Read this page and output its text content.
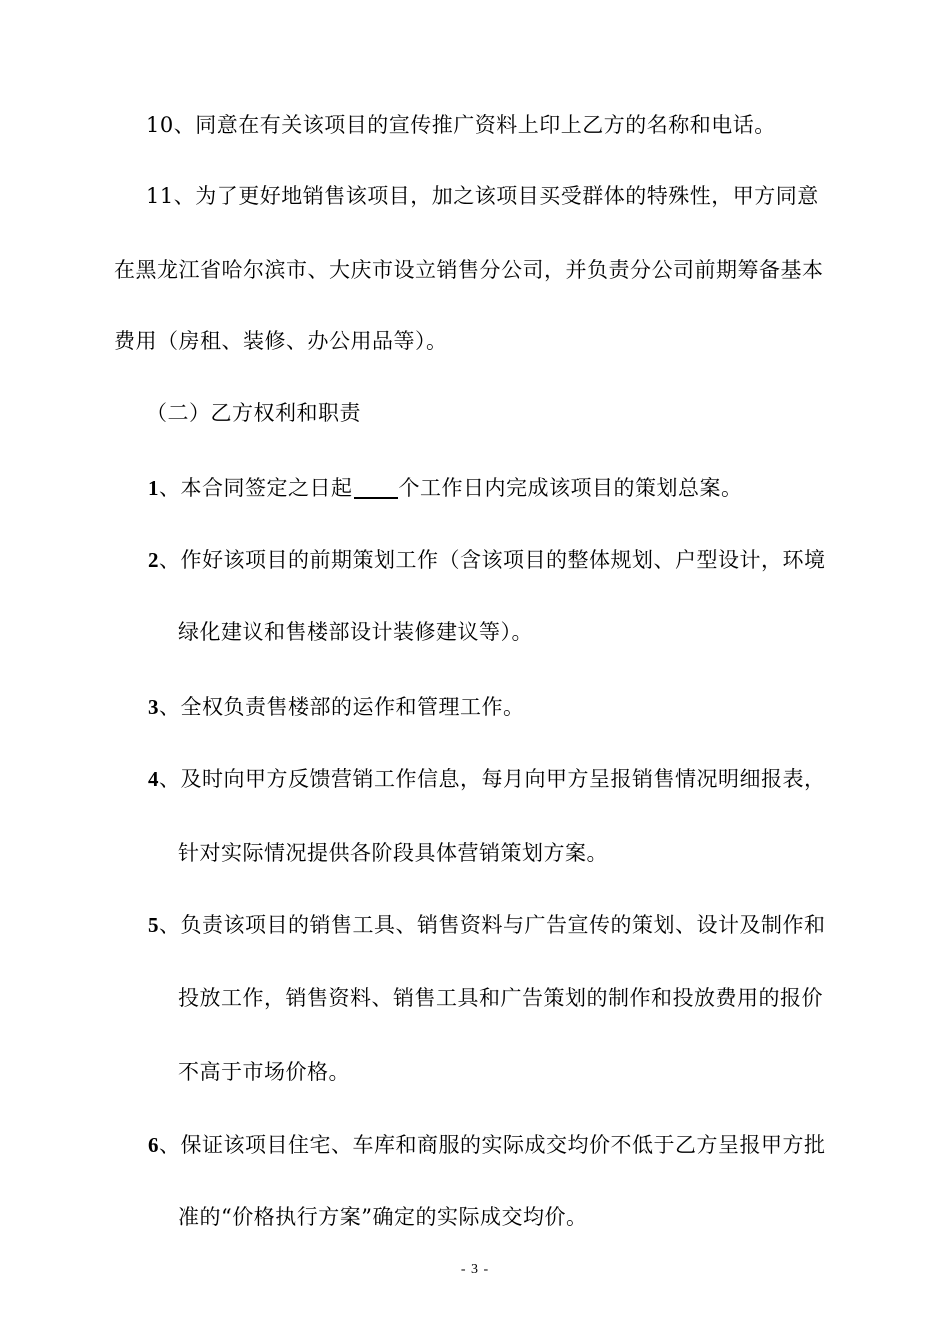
10、同意在有关该项目的宣传推广资料上印上乙方的名称和电话。
11、为了更好地销售该项目，加之该项目买受群体的特殊性，甲方同意
在黑龙江省哈尔滨市、大庆市设立销售分公司，并负责分公司前期筹备基本
费用（房租、装修、办公用品等）。
（二）乙方权利和职责
1、本合同签定之日起 个工作日内完成该项目的策划总案。
2、作好该项目的前期策划工作（含该项目的整体规划、户型设计，环境
绿化建议和售楼部设计装修建议等）。
3、全权负责售楼部的运作和管理工作。
4、及时向甲方反馈营销工作信息，每月向甲方呈报销售情况明细报表，
针对实际情况提供各阶段具体营销策划方案。
5、负责该项目的销售工具、销售资料与广告宣传的策划、设计及制作和
投放工作，销售资料、销售工具和广告策划的制作和投放费用的报价
不高于市场价格。
6、保证该项目住宅、车库和商服的实际成交均价不低于乙方呈报甲方批
准的“价格执行方案”确定的实际成交均价。
- 3 -
